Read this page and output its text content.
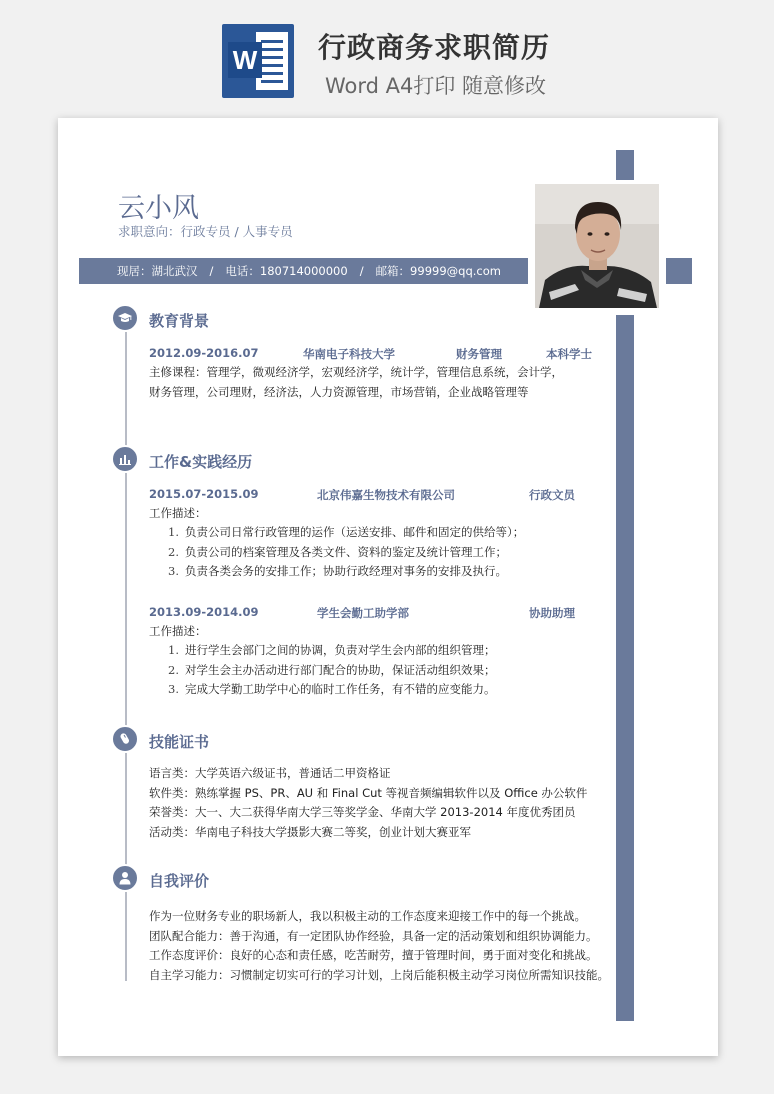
W 行政商务求职简历
Word A4打印 随意修改
云小风
求职意向：行政专员 / 人事专员
现居：湖北武汉 / 电话：180714000000 / 邮箱：99999@qq.com
教育背景
2012.09-2016.07	华南电子科技大学	财务管理	本科学士
主修课程：管理学，微观经济学，宏观经济学，统计学，管理信息系统，会计学，
财务管理，公司理财，经济法，人力资源管理，市场营销，企业战略管理等
工作&实践经历
2015.07-2015.09	北京伟嘉生物技术有限公司	行政文员
工作描述：
1. 负责公司日常行政管理的运作（运送安排、邮件和固定的供给等）；
2. 负责公司的档案管理及各类文件、资料的鉴定及统计管理工作；
3. 负责各类会务的安排工作；协助行政经理对事务的安排及执行。
2013.09-2014.09	学生会勤工助学部	协助助理
工作描述：
1. 进行学生会部门之间的协调，负责对学生会内部的组织管理；
2. 对学生会主办活动进行部门配合的协助，保证活动组织效果；
3. 完成大学勤工助学中心的临时工作任务，有不错的应变能力。
技能证书
语言类：大学英语六级证书，普通话二甲资格证
软件类：熟练掌握 PS、PR、AU 和 Final Cut 等视音频编辑软件以及 Office 办公软件
荣誉类：大一、大二获得华南大学三等奖学金、华南大学 2013-2014 年度优秀团员
活动类：华南电子科技大学摄影大赛二等奖，创业计划大赛亚军
自我评价
作为一位财务专业的职场新人，我以积极主动的工作态度来迎接工作中的每一个挑战。
团队配合能力：善于沟通，有一定团队协作经验，具备一定的活动策划和组织协调能力。
工作态度评价：良好的心态和责任感，吃苦耐劳，擅于管理时间，勇于面对变化和挑战。
自主学习能力：习惯制定切实可行的学习计划，上岗后能积极主动学习岗位所需知识技能。
